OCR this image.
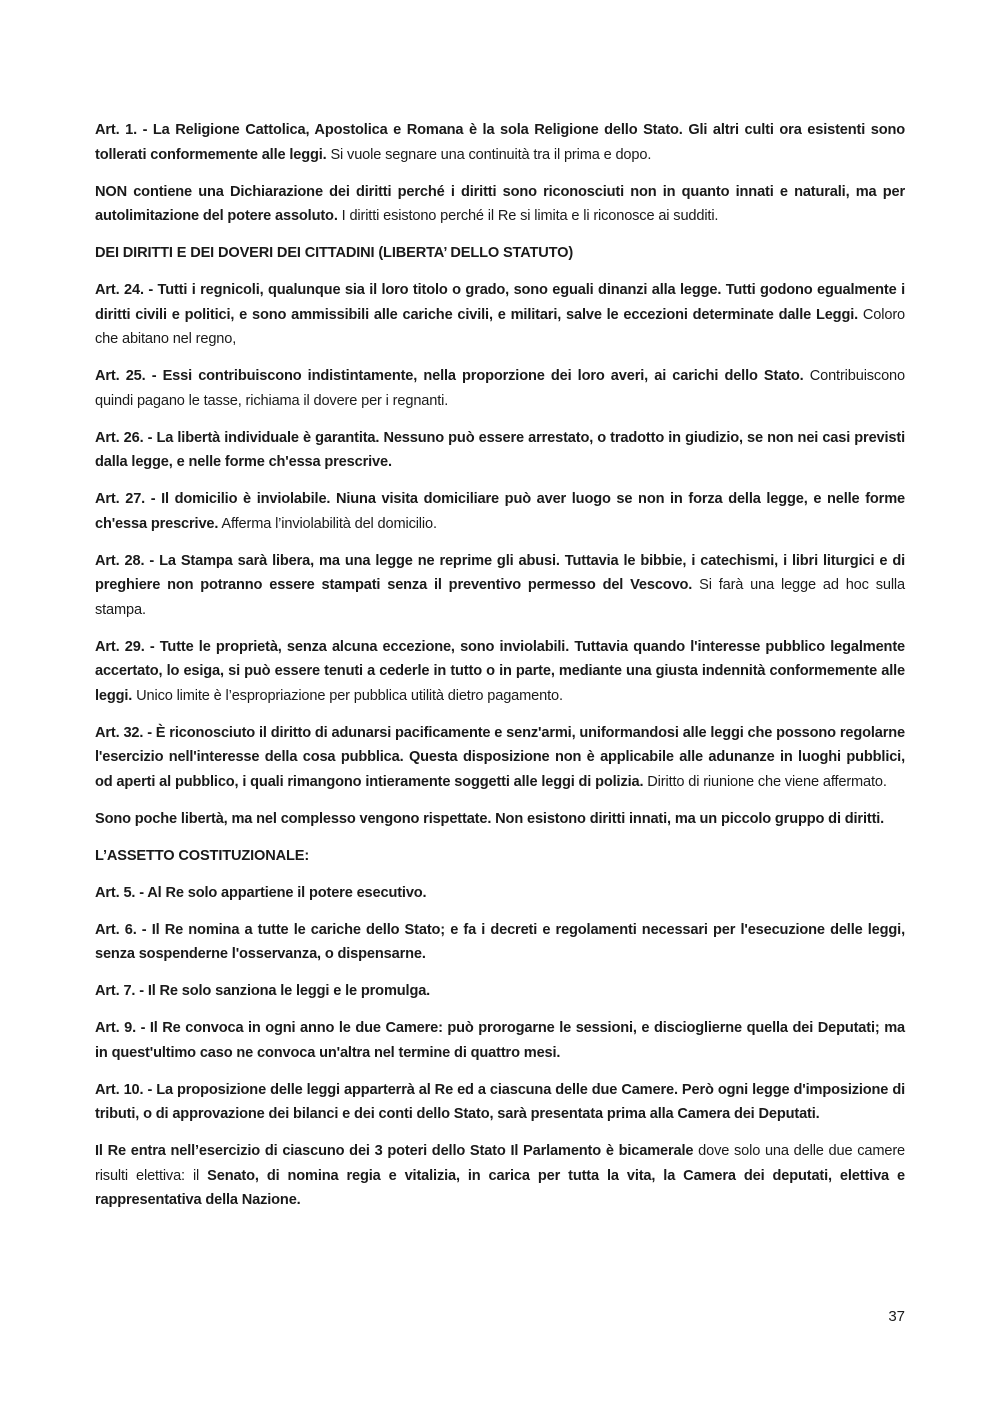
Art. 1. - La Religione Cattolica, Apostolica e Romana è la sola Religione dello Stato. Gli altri culti ora esistenti sono tollerati conformemente alle leggi. Si vuole segnare una continuità tra il prima e dopo.

NON contiene una Dichiarazione dei diritti perché i diritti sono riconosciuti non in quanto innati e naturali, ma per autolimitazione del potere assoluto. I diritti esistono perché il Re si limita e li riconosce ai sudditi.

DEI DIRITTI E DEI DOVERI DEI CITTADINI (LIBERTA’ DELLO STATUTO)

Art. 24. - Tutti i regnicoli, qualunque sia il loro titolo o grado, sono eguali dinanzi alla legge. Tutti godono egualmente i diritti civili e politici, e sono ammissibili alle cariche civili, e militari, salve le eccezioni determinate dalle Leggi. Coloro che abitano nel regno,

Art. 25. - Essi contribuiscono indistintamente, nella proporzione dei loro averi, ai carichi dello Stato. Contribuiscono quindi pagano le tasse, richiama il dovere per i regnanti.

Art. 26. - La libertà individuale è garantita. Nessuno può essere arrestato, o tradotto in giudizio, se non nei casi previsti dalla legge, e nelle forme ch'essa prescrive.

Art. 27. - Il domicilio è inviolabile. Niuna visita domiciliare può aver luogo se non in forza della legge, e nelle forme ch'essa prescrive. Afferma l’inviolabilità del domicilio.

Art. 28. - La Stampa sarà libera, ma una legge ne reprime gli abusi. Tuttavia le bibbie, i catechismi, i libri liturgici e di preghiere non potranno essere stampati senza il preventivo permesso del Vescovo. Si farà una legge ad hoc sulla stampa.

Art. 29. - Tutte le proprietà, senza alcuna eccezione, sono inviolabili. Tuttavia quando l'interesse pubblico legalmente accertato, lo esiga, si può essere tenuti a cederle in tutto o in parte, mediante una giusta indennità conformemente alle leggi. Unico limite è l’espropriazione per pubblica utilità dietro pagamento.

Art. 32. - È riconosciuto il diritto di adunarsi pacificamente e senz'armi, uniformandosi alle leggi che possono regolarne l'esercizio nell'interesse della cosa pubblica. Questa disposizione non è applicabile alle adunanze in luoghi pubblici, od aperti al pubblico, i quali rimangono intieramente soggetti alle leggi di polizia. Diritto di riunione che viene affermato.

Sono poche libertà, ma nel complesso vengono rispettate. Non esistono diritti innati, ma un piccolo gruppo di diritti.

L’ASSETTO COSTITUZIONALE:

Art. 5. - Al Re solo appartiene il potere esecutivo.

Art. 6. - Il Re nomina a tutte le cariche dello Stato; e fa i decreti e regolamenti necessari per l'esecuzione delle leggi, senza sospenderne l'osservanza, o dispensarne.

Art. 7. - Il Re solo sanziona le leggi e le promulga.

Art. 9. - Il Re convoca in ogni anno le due Camere: può prorogarne le sessioni, e discioglierne quella dei Deputati; ma in quest'ultimo caso ne convoca un'altra nel termine di quattro mesi.

Art. 10. - La proposizione delle leggi apparterrà al Re ed a ciascuna delle due Camere. Però ogni legge d'imposizione di tributi, o di approvazione dei bilanci e dei conti dello Stato, sarà presentata prima alla Camera dei Deputati.

Il Re entra nell’esercizio di ciascuno dei 3 poteri dello Stato Il Parlamento è bicamerale dove solo una delle due camere risulti elettiva: il Senato, di nomina regia e vitalizia, in carica per tutta la vita, la Camera dei deputati, elettiva e rappresentativa della Nazione.

37
